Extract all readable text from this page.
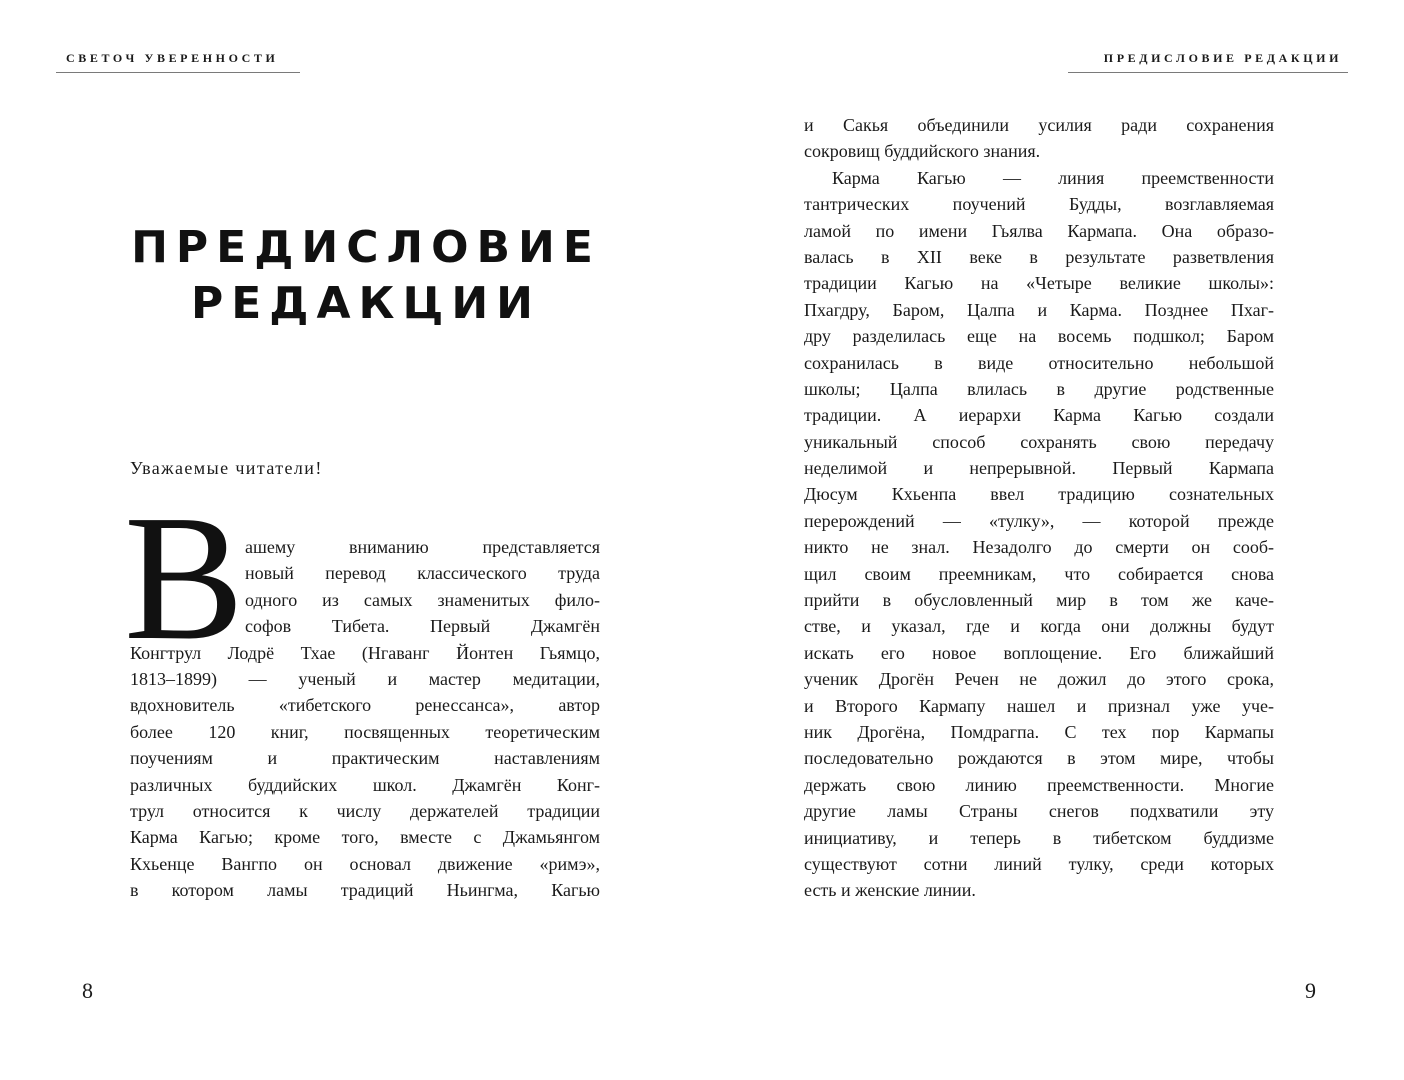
СВЕТОЧ УВЕРЕННОСТИ	ПРЕДИСЛОВИЕ РЕДАКЦИИ
ПРЕДИСЛОВИЕ
РЕДАКЦИИ
Уважаемые читатели!
В ашему вниманию представляется
новый перевод классического труда
одного из самых знаменитых фило-
софов Тибета. Первый Джамгён
Конгтрул Лодрё Тхае (Нгаванг Йонтен Гьямцо,
1813–1899) — ученый и мастер медитации,
вдохновитель «тибетского ренессанса», автор
более 120 книг, посвященных теоретическим
поучениям и практическим наставлениям
различных буддийских школ. Джамгён Конг-
трул относится к числу держателей традиции
Карма Кагью; кроме того, вместе с Джамьянгом
Кхьенце Вангпо он основал движение «римэ»,
в котором ламы традиций Ньингма, Кагью
и Сакья объединили усилия ради сохранения
сокровищ буддийского знания.
Карма Кагью — линия преемственности
тантрических поучений Будды, возглавляемая
ламой по имени Гьялва Кармапа. Она образо-
валась в XII веке в результате разветвления
традиции Кагью на «Четыре великие школы»:
Пхагдру, Баром, Цалпа и Карма. Позднее Пхаг-
дру разделилась еще на восемь подшкол; Баром
сохранилась в виде относительно небольшой
школы; Цалпа влилась в другие родственные
традиции. А иерархи Карма Кагью создали
уникальный способ сохранять свою передачу
неделимой и непрерывной. Первый Кармапа
Дюсум Кхьенпа ввел традицию сознательных
перерождений — «тулку», — которой прежде
никто не знал. Незадолго до смерти он сооб-
щил своим преемникам, что собирается снова
прийти в обусловленный мир в том же каче-
стве, и указал, где и когда они должны будут
искать его новое воплощение. Его ближайший
ученик Дрогён Речен не дожил до этого срока,
и Второго Кармапу нашел и признал уже уче-
ник Дрогёна, Помдрагпа. С тех пор Кармапы
последовательно рождаются в этом мире, чтобы
держать свою линию преемственности. Многие
другие ламы Страны снегов подхватили эту
инициативу, и теперь в тибетском буддизме
существуют сотни линий тулку, среди которых
есть и женские линии.
8	9
